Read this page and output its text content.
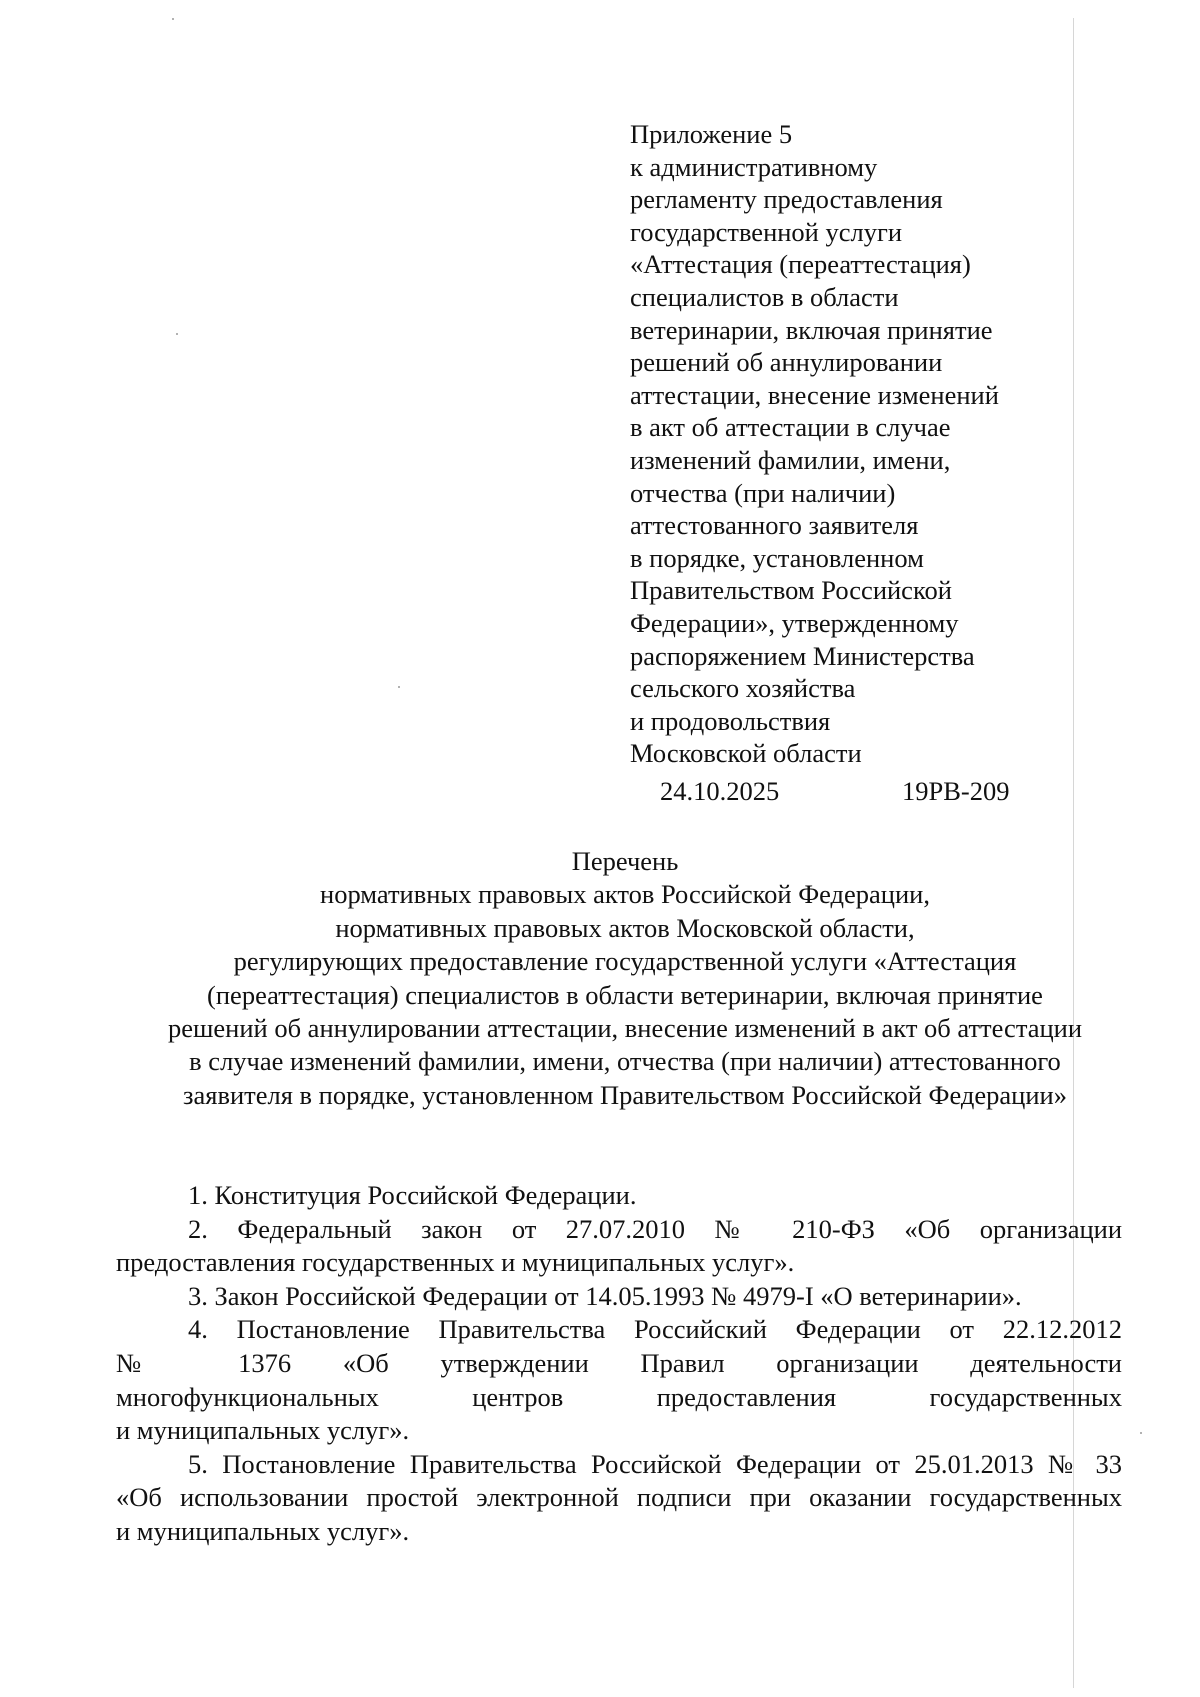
Приложение 5
к административному
регламенту предоставления
государственной услуги
«Аттестация (переаттестация)
специалистов в области
ветеринарии, включая принятие
решений об аннулировании
аттестации, внесение изменений
в акт об аттестации в случае
изменений фамилии, имени,
отчества (при наличии)
аттестованного заявителя
в порядке, установленном
Правительством Российской
Федерации», утвержденному
распоряжением Министерства
сельского хозяйства
и продовольствия
Московской области
24.10.2025	19РВ-209
Перечень
нормативных правовых актов Российской Федерации,
нормативных правовых актов Московской области,
регулирующих предоставление государственной услуги «Аттестация
(переаттестация) специалистов в области ветеринарии, включая принятие
решений об аннулировании аттестации, внесение изменений в акт об аттестации
в случае изменений фамилии, имени, отчества (при наличии) аттестованного
заявителя в порядке, установленном Правительством Российской Федерации»
1. Конституция Российской Федерации.
2. Федеральный закон от 27.07.2010 № 210-ФЗ «Об организации
предоставления государственных и муниципальных услуг».
3. Закон Российской Федерации от 14.05.1993 № 4979-I «О ветеринарии».
4. Постановление Правительства Российский Федерации от 22.12.2012
№ 1376 «Об утверждении Правил организации деятельности
многофункциональных центров предоставления государственных
и муниципальных услуг».
5. Постановление Правительства Российской Федерации от 25.01.2013 № 33
«Об использовании простой электронной подписи при оказании государственных
и муниципальных услуг».
